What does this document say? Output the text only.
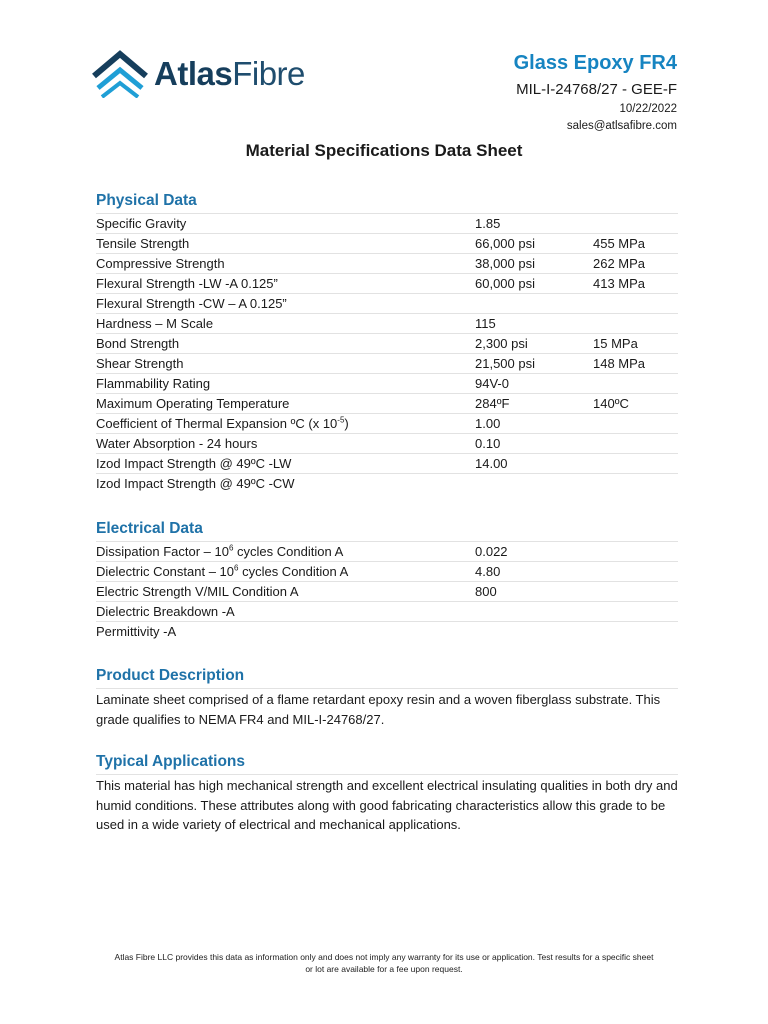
AtlasFibre	Glass Epoxy FR4
MIL-I-24768/27 - GEE-F
10/22/2022
sales@atlsafibre.com
Material Specifications Data Sheet
Physical Data
Specific Gravity	1.85
Tensile Strength	66,000 psi	455 MPa
Compressive Strength	38,000 psi	262 MPa
Flexural Strength -LW -A 0.125”	60,000 psi	413 MPa
Flexural Strength -CW – A 0.125”
Hardness – M Scale	115
Bond Strength	2,300 psi	15 MPa
Shear Strength	21,500 psi	148 MPa
Flammability Rating	94V-0
Maximum Operating Temperature	284ºF	140ºC
Coefficient of Thermal Expansion ºC (x $10^{-5}$)	1.00
Water Absorption - 24 hours	0.10
Izod Impact Strength @ 49ºC -LW	14.00
Izod Impact Strength @ 49ºC -CW
Electrical Data
Dissipation Factor – $10^6$ cycles Condition A	0.022
Dielectric Constant – $10^6$ cycles Condition A	4.80
Electric Strength V/MIL Condition A	800
Dielectric Breakdown -A
Permittivity -A
Product Description
Laminate sheet comprised of a flame retardant epoxy resin and a woven fiberglass substrate. This grade qualifies to NEMA FR4 and MIL-I-24768/27.
Typical Applications
This material has high mechanical strength and excellent electrical insulating qualities in both dry and humid conditions. These attributes along with good fabricating characteristics allow this grade to be used in a wide variety of electrical and mechanical applications.
Atlas Fibre LLC provides this data as information only and does not imply any warranty for its use or application. Test results for a specific sheet
or lot are available for a fee upon request.
